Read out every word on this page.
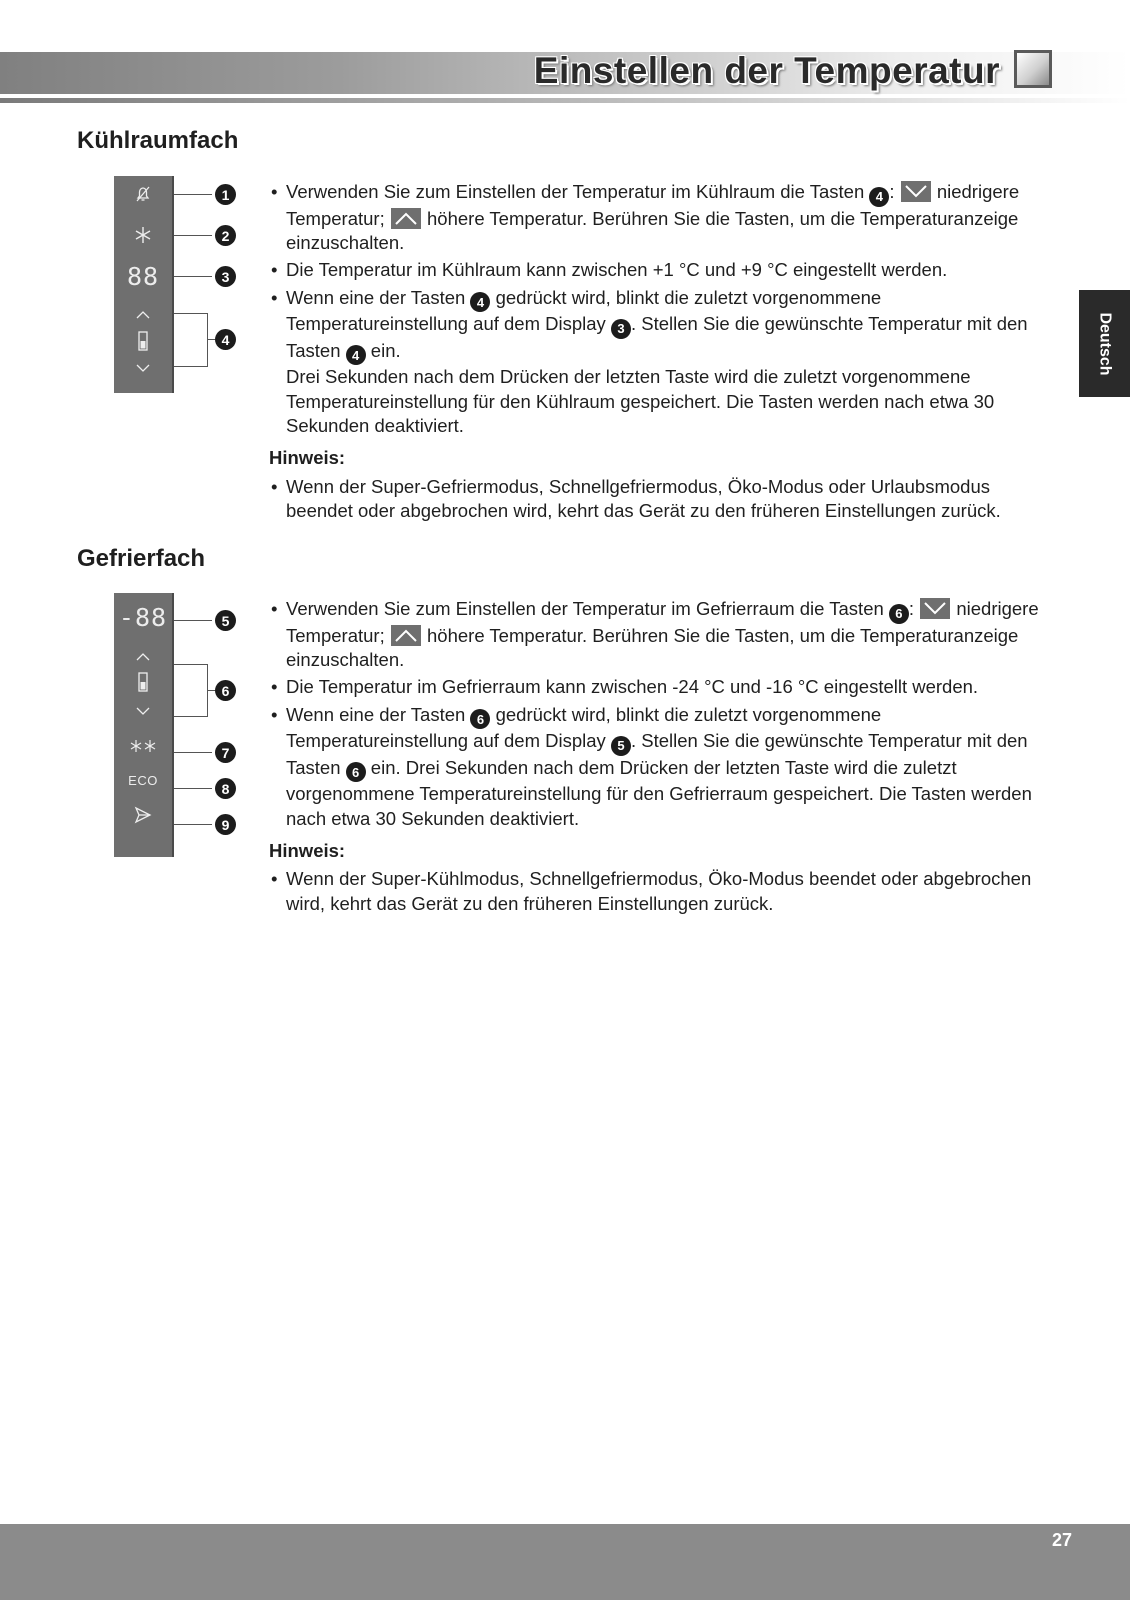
Einstellen der Temperatur
Deutsch
Kühlraumfach
88
1
2
3
4
• Verwenden Sie zum Einstellen der Temperatur im Kühlraum die Tasten 4 :
niedrigere Temperatur; höhere Temperatur. Berühren Sie die Tasten, um die Temperaturanzeige einzuschalten.
• Die Temperatur im Kühlraum kann zwischen +1 °C und +9 °C eingestellt werden.
• Wenn eine der Tasten 4 gedrückt wird, blinkt die zuletzt vorgenommene Temperatureinstellung auf dem Display 3 . Stellen Sie die gewünschte Temperatur mit den Tasten 4 ein.
Drei Sekunden nach dem Drücken der letzten Taste wird die zuletzt vorgenommene Temperatureinstellung für den Kühlraum gespeichert. Die Tasten werden nach etwa 30 Sekunden deaktiviert.
Hinweis:
• Wenn der Super-Gefriermodus, Schnellgefriermodus, Öko-Modus oder Urlaubsmodus beendet oder abgebrochen wird, kehrt das Gerät zu den früheren Einstellungen zurück.
Gefrierfach
-88
ECO
5
6
7
8
9
• Verwenden Sie zum Einstellen der Temperatur im Gefrierraum die Tasten 6 :
niedrigere Temperatur; höhere Temperatur. Berühren Sie die Tasten, um die Temperaturanzeige einzuschalten.
• Die Temperatur im Gefrierraum kann zwischen -24 °C und -16 °C eingestellt werden.
• Wenn eine der Tasten 6 gedrückt wird, blinkt die zuletzt vorgenommene Temperatureinstellung auf dem Display 5 . Stellen Sie die gewünschte Temperatur mit den Tasten 6 ein. Drei Sekunden nach dem Drücken der letzten Taste wird die zuletzt vorgenommene Temperatureinstellung für den Gefrierraum gespeichert. Die Tasten werden nach etwa 30 Sekunden deaktiviert.
Hinweis:
• Wenn der Super-Kühlmodus, Schnellgefriermodus, Öko-Modus beendet oder abgebrochen wird, kehrt das Gerät zu den früheren Einstellungen zurück.
27
